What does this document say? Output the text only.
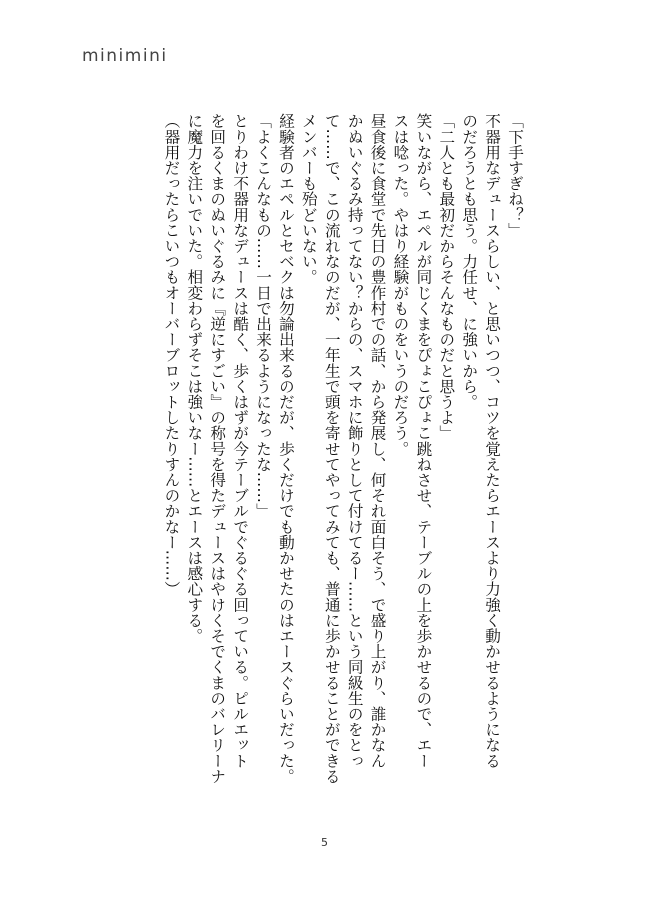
minimini
「下手すぎね？」
不器用なデュースらしい、と思いつつ、コツを覚えたらエースより力強く動かせるようになる
のだろうとも思う。力任せ、に強いから。
「二人とも最初だからそんなものだと思うよ」
笑いながら、エペルが同じくまをぴょこぴょこ跳ねさせ、テーブルの上を歩かせるので、エー
スは唸った。やはり経験がものをいうのだろう。
昼食後に食堂で先日の豊作村での話、から発展し、何それ面白そう、で盛り上がり、誰かなん
かぬいぐるみ持ってない？からの、スマホに飾りとして付けてるー……という同級生のをとっ
て……で、この流れなのだが、一年生で頭を寄せてやってみても、普通に歩かせることができる
メンバーも殆どいない。
経験者のエペルとセベクは勿論出来るのだが、歩くだけでも動かせたのはエースぐらいだった。
「よくこんなもの……一日で出来るようになったな……」
とりわけ不器用なデュースは酷く、歩くはずが今テーブルでぐるぐる回っている。ピルエット
を回るくまのぬいぐるみに『逆にすごい』の称号を得たデュースはやけくそでくまのバレリーナ
に魔力を注いでいた。相変わらずそこは強いなー……とエースは感心する。
（器用だったらこいつもオーバーブロットしたりすんのかなー……）
5
